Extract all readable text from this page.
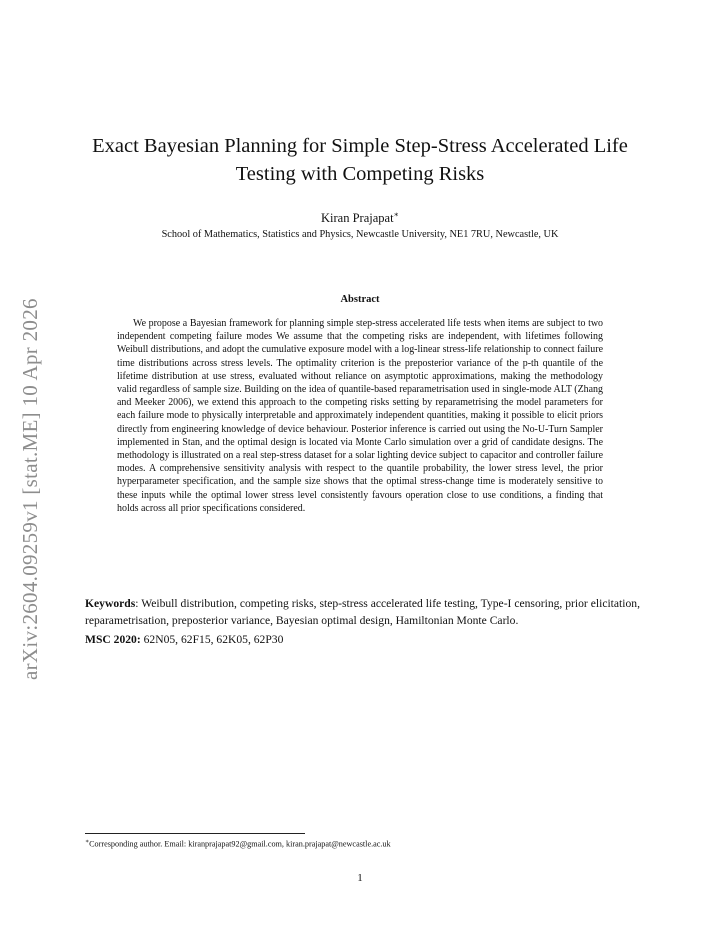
arXiv:2604.09259v1 [stat.ME] 10 Apr 2026
Exact Bayesian Planning for Simple Step-Stress Accelerated Life Testing with Competing Risks
Kiran Prajapat∗
School of Mathematics, Statistics and Physics, Newcastle University, NE1 7RU, Newcastle, UK
Abstract
We propose a Bayesian framework for planning simple step-stress accelerated life tests when items are subject to two independent competing failure modes We assume that the competing risks are independent, with lifetimes following Weibull distributions, and adopt the cumulative exposure model with a log-linear stress-life relationship to connect failure time distributions across stress levels. The optimality criterion is the preposterior variance of the p-th quantile of the lifetime distribution at use stress, evaluated without reliance on asymptotic approximations, making the methodology valid regardless of sample size. Building on the idea of quantile-based reparametrisation used in single-mode ALT (Zhang and Meeker 2006), we extend this approach to the competing risks setting by reparametrising the model parameters for each failure mode to physically interpretable and approximately independent quantities, making it possible to elicit priors directly from engineering knowledge of device behaviour. Posterior inference is carried out using the No-U-Turn Sampler implemented in Stan, and the optimal design is located via Monte Carlo simulation over a grid of candidate designs. The methodology is illustrated on a real step-stress dataset for a solar lighting device subject to capacitor and controller failure modes. A comprehensive sensitivity analysis with respect to the quantile probability, the lower stress level, the prior hyperparameter specification, and the sample size shows that the optimal stress-change time is moderately sensitive to these inputs while the optimal lower stress level consistently favours operation close to use conditions, a finding that holds across all prior specifications considered.
Keywords: Weibull distribution, competing risks, step-stress accelerated life testing, Type-I censoring, prior elicitation, reparametrisation, preposterior variance, Bayesian optimal design, Hamiltonian Monte Carlo.
MSC 2020: 62N05, 62F15, 62K05, 62P30
∗Corresponding author. Email: kiranprajapat92@gmail.com, kiran.prajapat@newcastle.ac.uk
1
